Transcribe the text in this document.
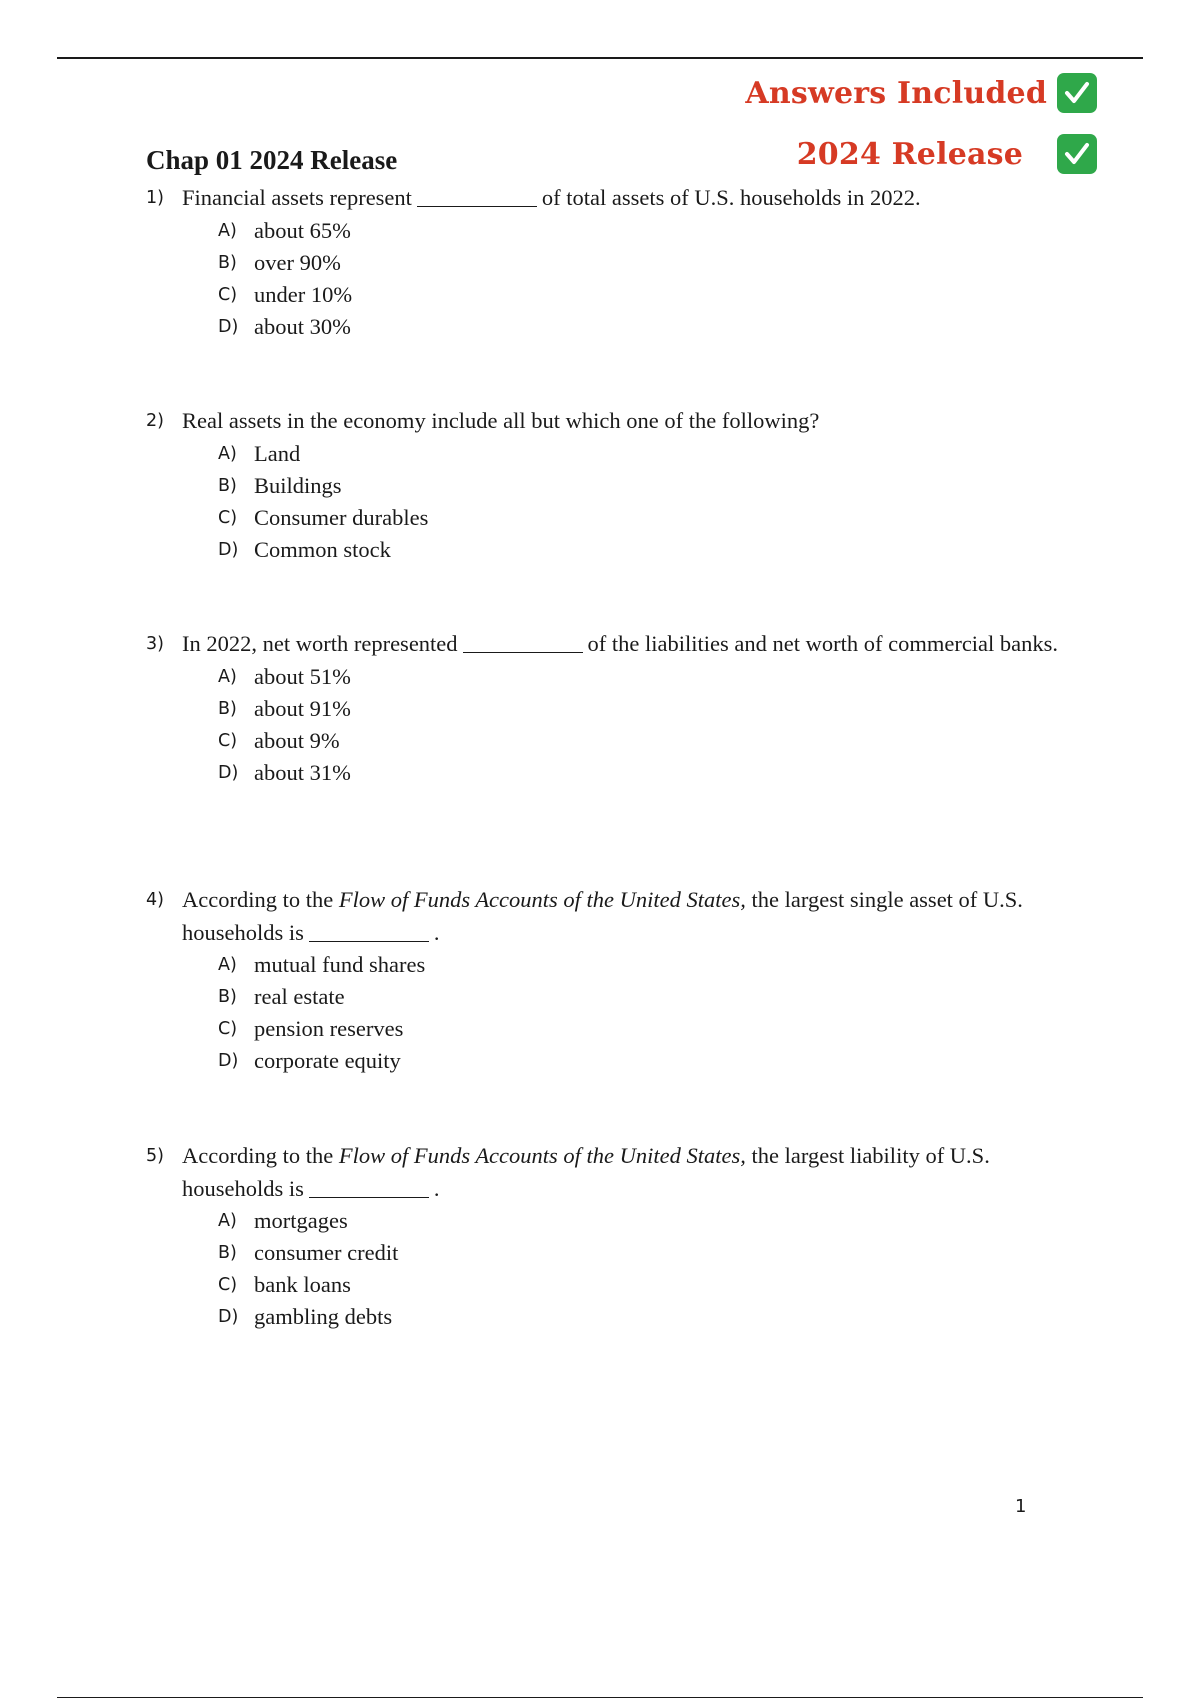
Answers Included
2024 Release
Chap 01 2024 Release
1) Financial assets represent	of total assets of U.S. households in 2022.
A) about 65%
B) over 90%
C) under 10%
D) about 30%
2) Real assets in the economy include all but which one of the following?
A) Land
B) Buildings
C) Consumer durables
D) Common stock
3) In 2022, net worth represented	of the liabilities and net worth of commercial banks.
A) about 51%
B) about 91%
C) about 9%
D) about 31%
4) According to the Flow of Funds Accounts of the United States, the largest single asset of U.S. households is	.
A) mutual fund shares
B) real estate
C) pension reserves
D) corporate equity
5) According to the Flow of Funds Accounts of the United States, the largest liability of U.S. households is	.
A) mortgages
B) consumer credit
C) bank loans
D) gambling debts
1
